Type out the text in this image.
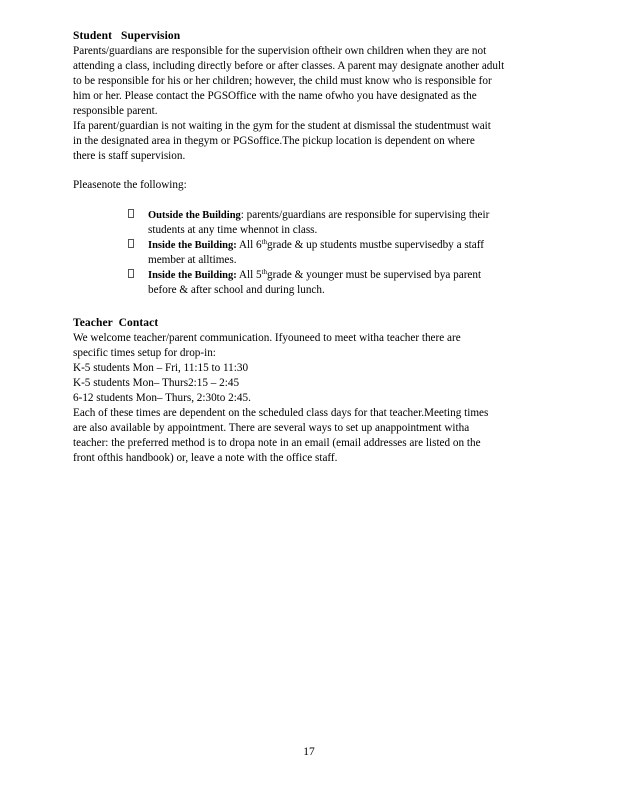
Student   Supervision
Parents/guardians are responsible for the supervision oftheir own children when they are not
attending a class, including directly before or after classes. A parent may designate another adult
to be responsible for his or her children; however, the child must know who is responsible for
him or her. Please contact the PGSOffice with the name ofwho you have designated as the
responsible parent.
Ifa parent/guardian is not waiting in the gym for the student at dismissal the studentmust wait
in the designated area in thegym or PGSoffice.The pickup location is dependent on where
there is staff supervision.
Pleasenote the following:
Outside the Building: parents/guardians are responsible for supervising their
students at any time whennot in class.
Inside the Building: All 6thgrade & up students mustbe supervisedby a staff
member at alltimes.
Inside the Building: All 5thgrade & younger must be supervised bya parent
before & after school and during lunch.
Teacher  Contact
We welcome teacher/parent communication. Ifyouneed to meet witha teacher there are
specific times setup for drop-in:
K-5 students Mon – Fri, 11:15 to 11:30
K-5 students Mon– Thurs2:15 – 2:45
6-12 students Mon– Thurs, 2:30to 2:45.
Each of these times are dependent on the scheduled class days for that teacher.Meeting times
are also available by appointment. There are several ways to set up anappointment witha
teacher: the preferred method is to dropa note in an email (email addresses are listed on the
front ofthis handbook) or, leave a note with the office staff.
17
